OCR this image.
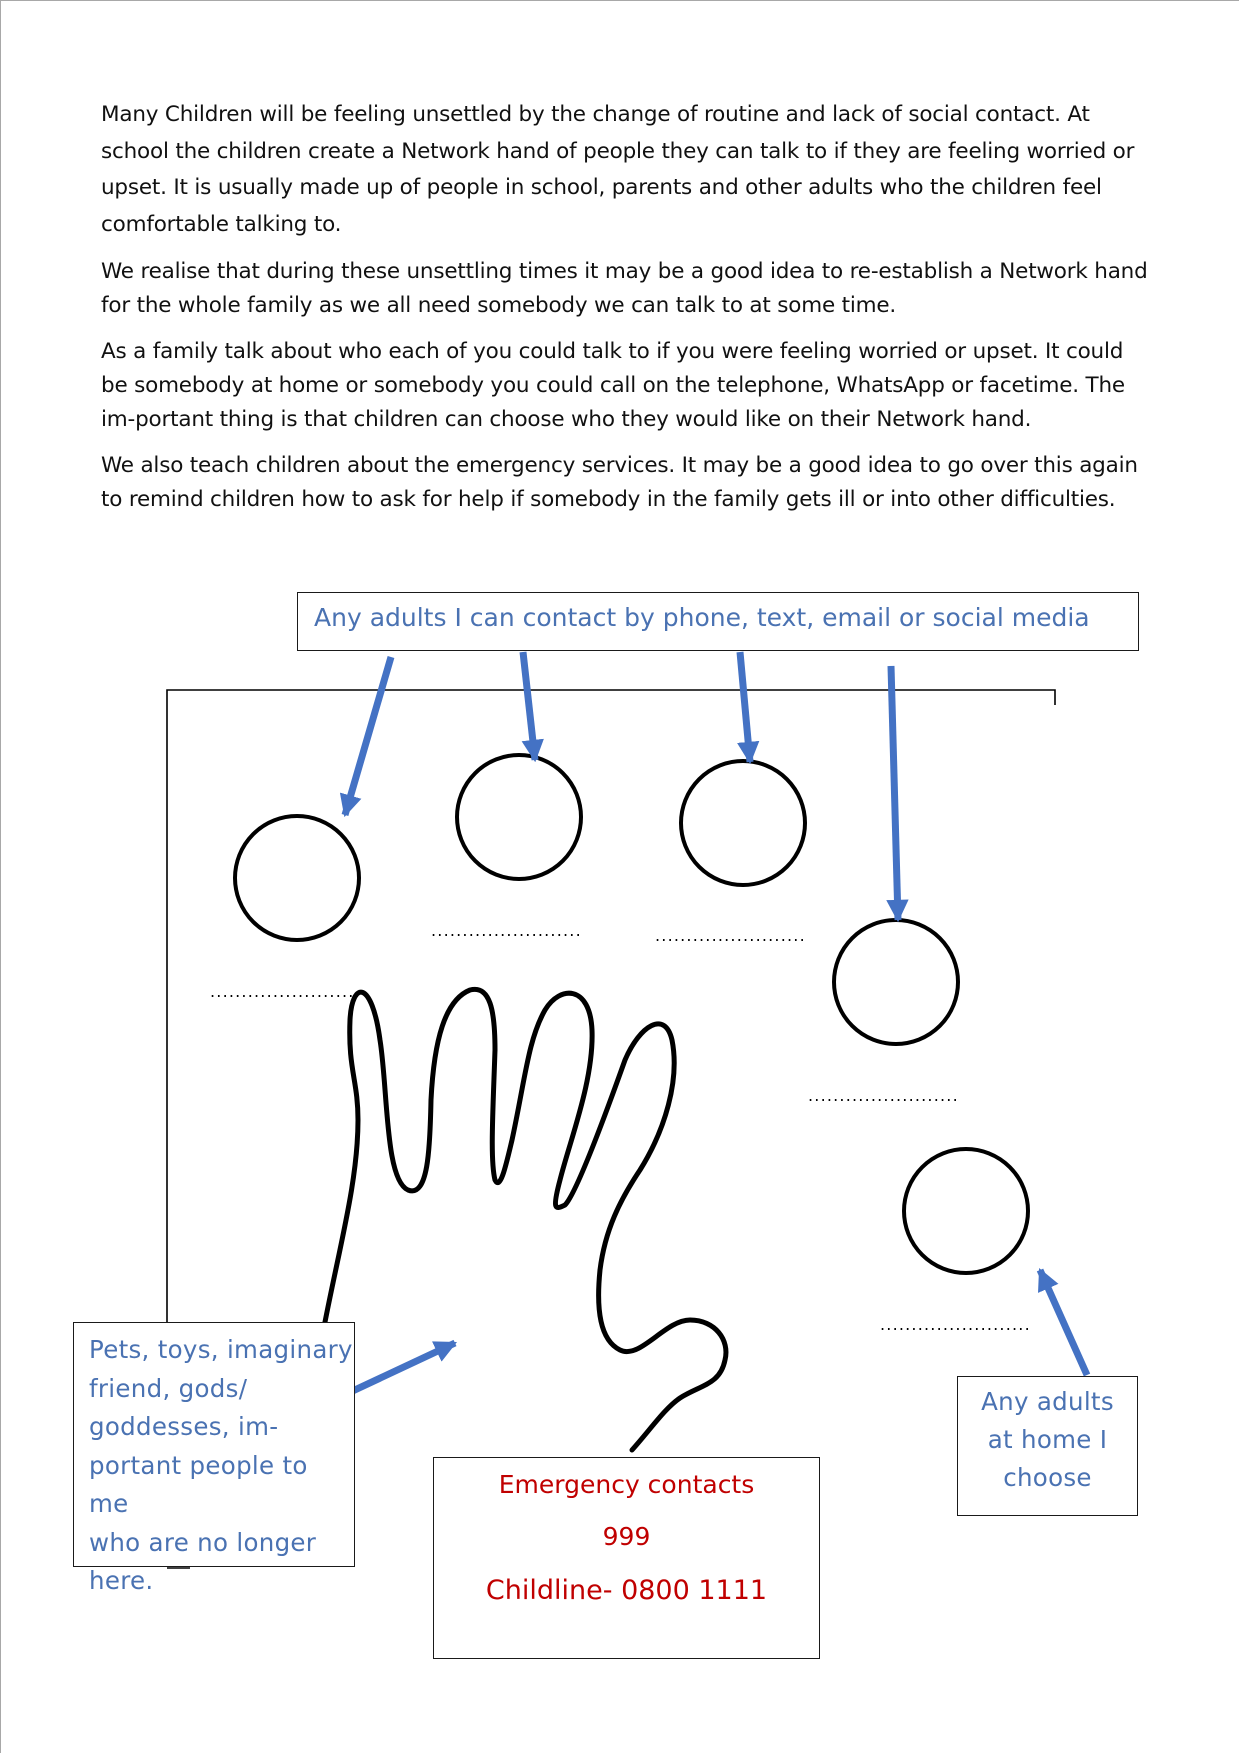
Many Children will be feeling unsettled by the change of routine and lack of social contact. At school the children create a Network hand of people they can talk to if they are feeling worried or upset. It is usually made up of people in school, parents and other adults who the children feel comfortable talking to.

We realise that during these unsettling times it may be a good idea to re-establish a Network hand for the whole family as we all need somebody we can talk to at some time.

As a family talk about who each of you could talk to if you were feeling worried or upset. It could be somebody at home or somebody you could call on the telephone, WhatsApp or facetime. The im-portant thing is that children can choose who they would like on their Network hand.

We also teach children about the emergency services. It may be a good idea to go over this again to remind children how to ask for help if somebody in the family gets ill or into other difficulties.

........................
........................	........................
........................
........................
Any adults I can contact by phone, text, email or social media
Pets, toys, imaginary
friend, gods/
goddesses, im-
portant people to me
who are no longer
here.
Emergency contacts
999
Childline- 0800 1111
Any adults
at home I
choose
